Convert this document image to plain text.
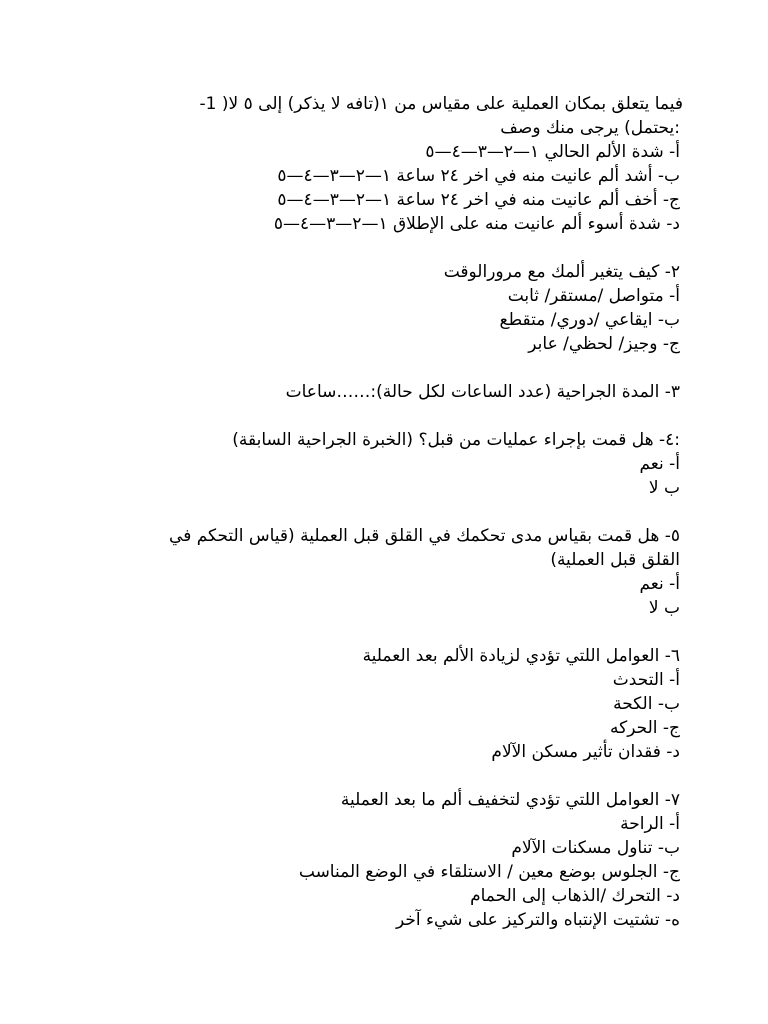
فيما يتعلق بمكان العملية على مقياس من ١(تافه لا يذكر) إلى ٥ لا( 1-
:يحتمل) يرجى منك وصف
أ- شدة الألم الحالي ١—٢—٣—٤—٥
ب- أشد ألم عانيت منه في اخر ٢٤ ساعة ١—٢—٣—٤—٥
ج- أخف ألم عانيت منه في اخر ٢٤ ساعة ١—٢—٣—٤—٥
د- شدة أسوء ألم عانيت منه على الإطلاق ١—٢—٣—٤—٥
٢- كيف يتغير ألمك مع مرورالوقت
أ- متواصل /مستقر/ ثابت
ب- ايقاعي /دوري/ متقطع
ج- وجيز/ لحظي/ عابر
٣- المدة الجراحية (عدد الساعات لكل حالة):……ساعات
:٤- هل قمت بإجراء عمليات من قبل؟ (الخبرة الجراحية السابقة)
أ- نعم
ب لا
٥- هل قمت بقياس مدى تحكمك في القلق قبل العملية (قياس التحكم في
القلق قبل العملية)
أ- نعم
ب لا
٦- العوامل اللتي تؤدي لزيادة الألم بعد العملية
أ- التحدث
ب- الكحة
ج- الحركه
د- فقدان تأثير مسكن الآلام
٧- العوامل اللتي تؤدي لتخفيف ألم ما بعد العملية
أ- الراحة
ب- تناول مسكنات الآلام
ج- الجلوس بوضع معين / الاستلقاء في الوضع المناسب
د- التحرك /الذهاب إلى الحمام
ه- تشتيت الإنتباه والتركيز على شيء آخر
